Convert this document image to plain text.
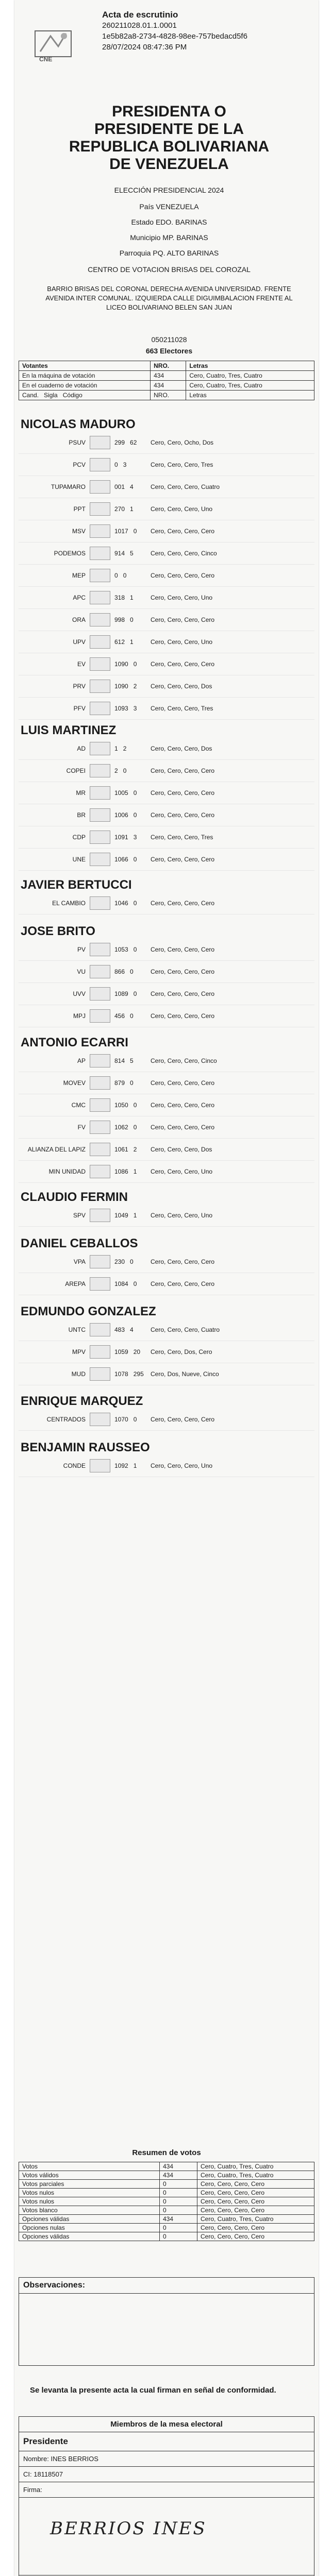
CNE
Acta de escrutinio
260211028.01.1.0001
1e5b82a8-2734-4828-98ee-757bedacd5f6
28/07/2024 08:47:36 PM
PRESIDENTA O PRESIDENTE DE LA REPUBLICA BOLIVARIANA DE VENEZUELA
ELECCIÓN PRESIDENCIAL 2024
País VENEZUELA
Estado EDO. BARINAS
Municipio MP. BARINAS
Parroquia PQ. ALTO BARINAS
CENTRO DE VOTACION BRISAS DEL COROZAL
BARRIO BRISAS DEL CORONAL DERECHA AVENIDA UNIVERSIDAD. FRENTE AVENIDA INTER COMUNAL. IZQUIERDA CALLE DIGUIMBALACION FRENTE AL LICEO BOLIVARIANO BELEN SAN JUAN
050211028
663 Electores
Votantes	NRO.	Letras
En la máquina de votación	434	Cero, Cuatro, Tres, Cuatro
En el cuaderno de votación	434	Cero, Cuatro, Tres, Cuatro
Cand. Sigla Código	NRO.	Letras
NICOLAS MADURO
PSUV	299 62	Cero, Cero, Ocho, Dos
PCV	0 3	Cero, Cero, Cero, Tres
TUPAMARO	001 4	Cero, Cero, Cero, Cuatro
PPT	270 1	Cero, Cero, Cero, Uno
MSV	1017 0	Cero, Cero, Cero, Cero
PODEMOS	914 5	Cero, Cero, Cero, Cinco
MEP	0 0	Cero, Cero, Cero, Cero
APC	318 1	Cero, Cero, Cero, Uno
ORA	998 0	Cero, Cero, Cero, Cero
UPV	612 1	Cero, Cero, Cero, Uno
EV	1090 0	Cero, Cero, Cero, Cero
PRV	1090 2	Cero, Cero, Cero, Dos
PFV	1093 3	Cero, Cero, Cero, Tres
LUIS MARTINEZ
AD	1 2	Cero, Cero, Cero, Dos
COPEI	2 0	Cero, Cero, Cero, Cero
MR	1005 0	Cero, Cero, Cero, Cero
BR	1006 0	Cero, Cero, Cero, Cero
CDP	1091 3	Cero, Cero, Cero, Tres
UNE	1066 0	Cero, Cero, Cero, Cero
JAVIER BERTUCCI
EL CAMBIO	1046 0	Cero, Cero, Cero, Cero
JOSE BRITO
PV	1053 0	Cero, Cero, Cero, Cero
VU	866 0	Cero, Cero, Cero, Cero
UVV	1089 0	Cero, Cero, Cero, Cero
MPJ	456 0	Cero, Cero, Cero, Cero
ANTONIO ECARRI
AP	814 5	Cero, Cero, Cero, Cinco
MOVEV	879 0	Cero, Cero, Cero, Cero
CMC	1050 0	Cero, Cero, Cero, Cero
FV	1062 0	Cero, Cero, Cero, Cero
ALIANZA DEL LAPIZ	1061 2	Cero, Cero, Cero, Dos
MIN UNIDAD	1086 1	Cero, Cero, Cero, Uno
CLAUDIO FERMIN
SPV	1049 1	Cero, Cero, Cero, Uno
DANIEL CEBALLOS
VPA	230 0	Cero, Cero, Cero, Cero
AREPA	1084 0	Cero, Cero, Cero, Cero
EDMUNDO GONZALEZ
UNTC	483 4	Cero, Cero, Cero, Cuatro
MPV	1059 20	Cero, Cero, Dos, Cero
MUD	1078 295	Cero, Dos, Nueve, Cinco
ENRIQUE MARQUEZ
CENTRADOS	1070 0	Cero, Cero, Cero, Cero
BENJAMIN RAUSSEO
CONDE	1092 1	Cero, Cero, Cero, Uno
Resumen de votos
Votos	434	Cero, Cuatro, Tres, Cuatro
Votos válidos	434	Cero, Cuatro, Tres, Cuatro
Votos parciales	0	Cero, Cero, Cero, Cero
Votos nulos	0	Cero, Cero, Cero, Cero
Votos nulos	0	Cero, Cero, Cero, Cero
Votos blanco	0	Cero, Cero, Cero, Cero
Opciones válidas	434	Cero, Cuatro, Tres, Cuatro
Opciones nulas	0	Cero, Cero, Cero, Cero
Opciones válidas	0	Cero, Cero, Cero, Cero
Observaciones:
Se levanta la presente acta la cual firman en señal de conformidad.
Miembros de la mesa electoral
Presidente
Nombre: INES BERRIOS
CI: 18118507
Firma:
BERRIOS INES
